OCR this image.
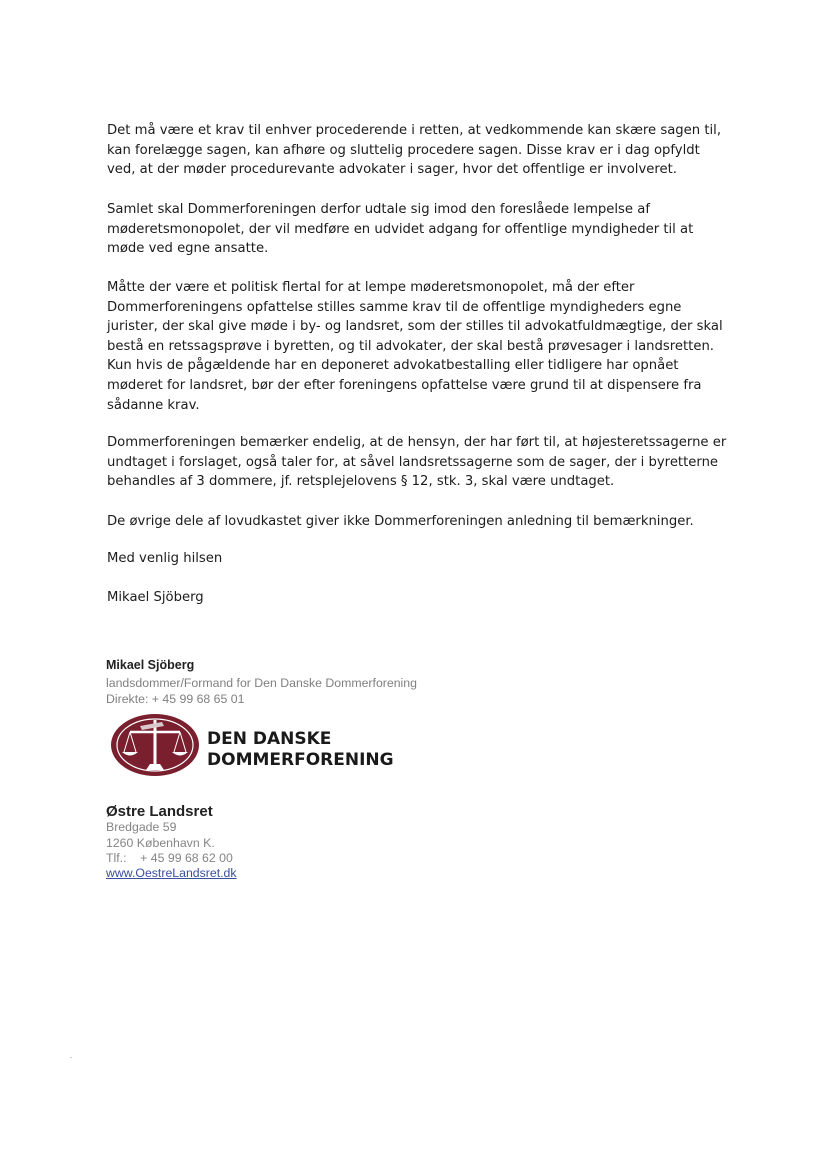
Det må være et krav til enhver procederende i retten, at vedkommende kan skære sagen til, kan forelægge sagen, kan afhøre og sluttelig procedere sagen. Disse krav er i dag opfyldt ved, at der møder procedurevante advokater i sager, hvor det offentlige er involveret.

Samlet skal Dommerforeningen derfor udtale sig imod den foreslåede lempelse af møderetsmonopolet, der vil medføre en udvidet adgang for offentlige myndigheder til at møde ved egne ansatte.

Måtte der være et politisk flertal for at lempe møderetsmonopolet, må der efter Dommerforeningens opfattelse stilles samme krav til de offentlige myndigheders egne jurister, der skal give møde i by- og landsret, som der stilles til advokatfuldmægtige, der skal bestå en retssagsprøve i byretten, og til advokater, der skal bestå prøvesager i landsretten. Kun hvis de pågældende har en deponeret advokatbestalling eller tidligere har opnået møderet for landsret, bør der efter foreningens opfattelse være grund til at dispensere fra sådanne krav.

Dommerforeningen bemærker endelig, at de hensyn, der har ført til, at højesteretssagerne er undtaget i forslaget, også taler for, at såvel landsretssagerne som de sager, der i byretterne behandles af 3 dommere, jf. retsplejelovens § 12, stk. 3, skal være undtaget.

De øvrige dele af lovudkastet giver ikke Dommerforeningen anledning til bemærkninger.

Med venlig hilsen

Mikael Sjöberg

Mikael Sjöberg
landsdommer/Formand for Den Danske Dommerforening
Direkte: + 45 99 68 65 01
DEN DANSKE
DOMMERFORENING
Østre Landsret
Bredgade 59
1260 København K.
Tlf.:    + 45 99 68 62 00
www.OestreLandsret.dk
